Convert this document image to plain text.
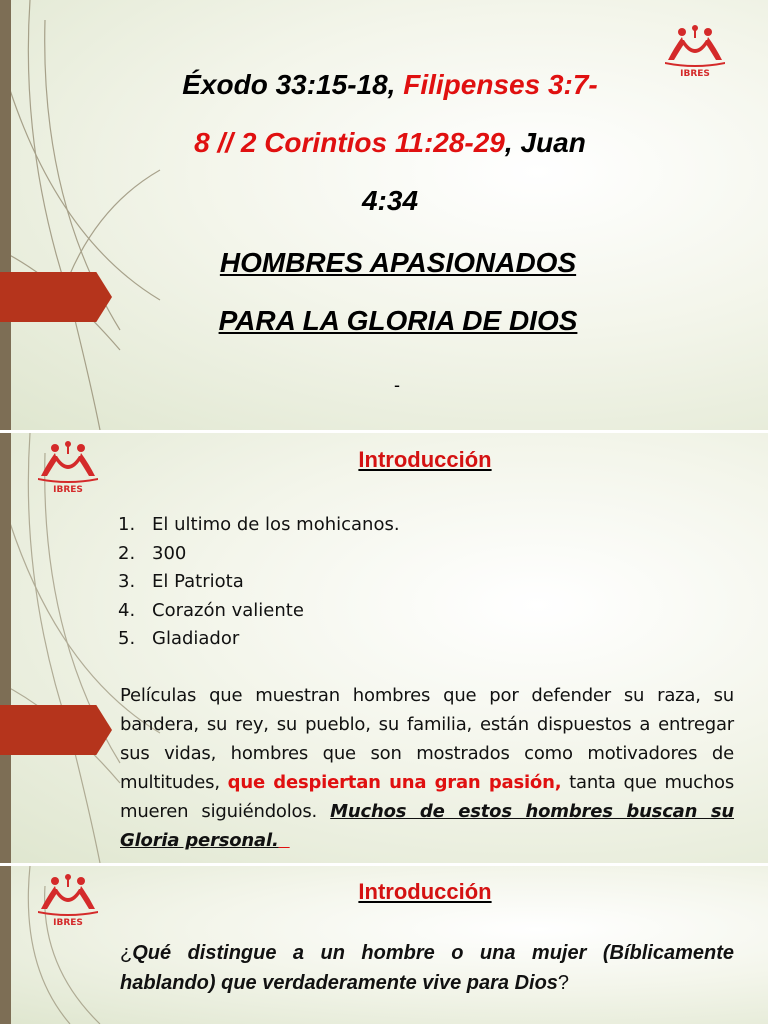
IBRES
Éxodo 33:15-18, Filipenses 3:7-
8 // 2 Corintios 11:28-29, Juan
4:34
HOMBRES APASIONADOS
PARA LA GLORIA DE DIOS
-
IBRES
Introducción
1. El ultimo de los mohicanos.
2. 300
3. El Patriota
4. Corazón valiente
5. Gladiador
Películas que muestran hombres que por defender su raza, su bandera, su rey, su pueblo, su familia, están dispuestos a entregar sus vidas, hombres que son mostrados como motivadores de multitudes, que despiertan una gran pasión, tanta que muchos mueren siguiéndolos. Muchos de estos hombres buscan su Gloria personal.
IBRES
Introducción
¿Qué distingue a un hombre o una mujer (Bíblicamente hablando) que verdaderamente vive para Dios?
